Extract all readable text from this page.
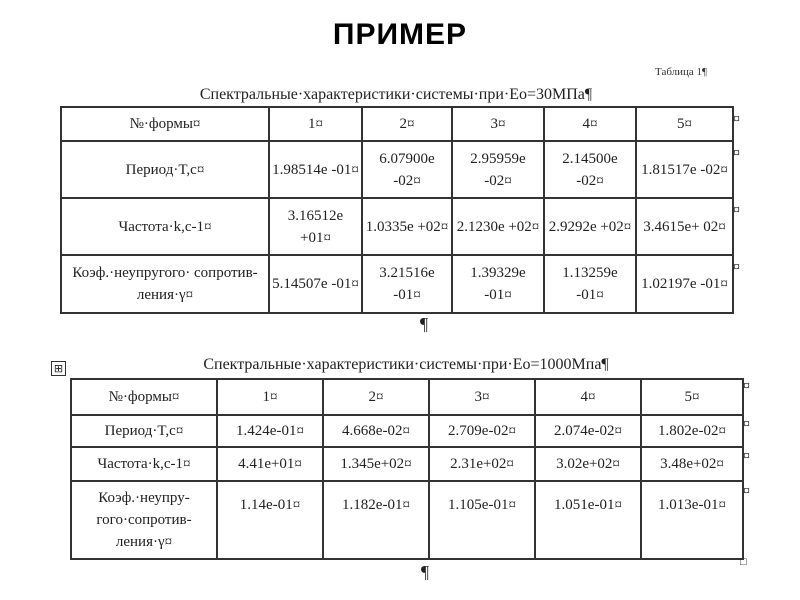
ПРИМЕР
Таблица 1¶
Спектральные·характеристики·системы·при·Eo=30МПа¶
№·формы¤	1¤	2¤	3¤	4¤	5¤
Период·T,c¤	1.98514e -01¤	6.07900e -02¤	2.95959e -02¤	2.14500e -02¤	1.81517e -02¤
Частота·k,c-1¤	3.16512e +01¤	1.0335e +02¤	2.1230e +02¤	2.9292e +02¤	3.4615e+ 02¤
Коэф.·неупругого· сопротив-ления·γ¤	5.14507e -01¤	3.21516e -01¤	1.39329e -01¤	1.13259e -01¤	1.02197e -01¤
¤
¤
¤
¤
¶
⊞	Спектральные·характеристики·системы·при·Eo=1000Мпа¶
№·формы¤	1¤	2¤	3¤	4¤	5¤
Период·T,c¤	1.424e-01¤	4.668e-02¤	2.709e-02¤	2.074e-02¤	1.802e-02¤
Частота·k,c-1¤	4.41e+01¤	1.345e+02¤	2.31e+02¤	3.02e+02¤	3.48e+02¤
Коэф.·неупру-гого·сопротив-ления·γ¤	1.14e-01¤	1.182e-01¤	1.105e-01¤	1.051e-01¤	1.013e-01¤
¤
¤
¤
¤
□
¶
